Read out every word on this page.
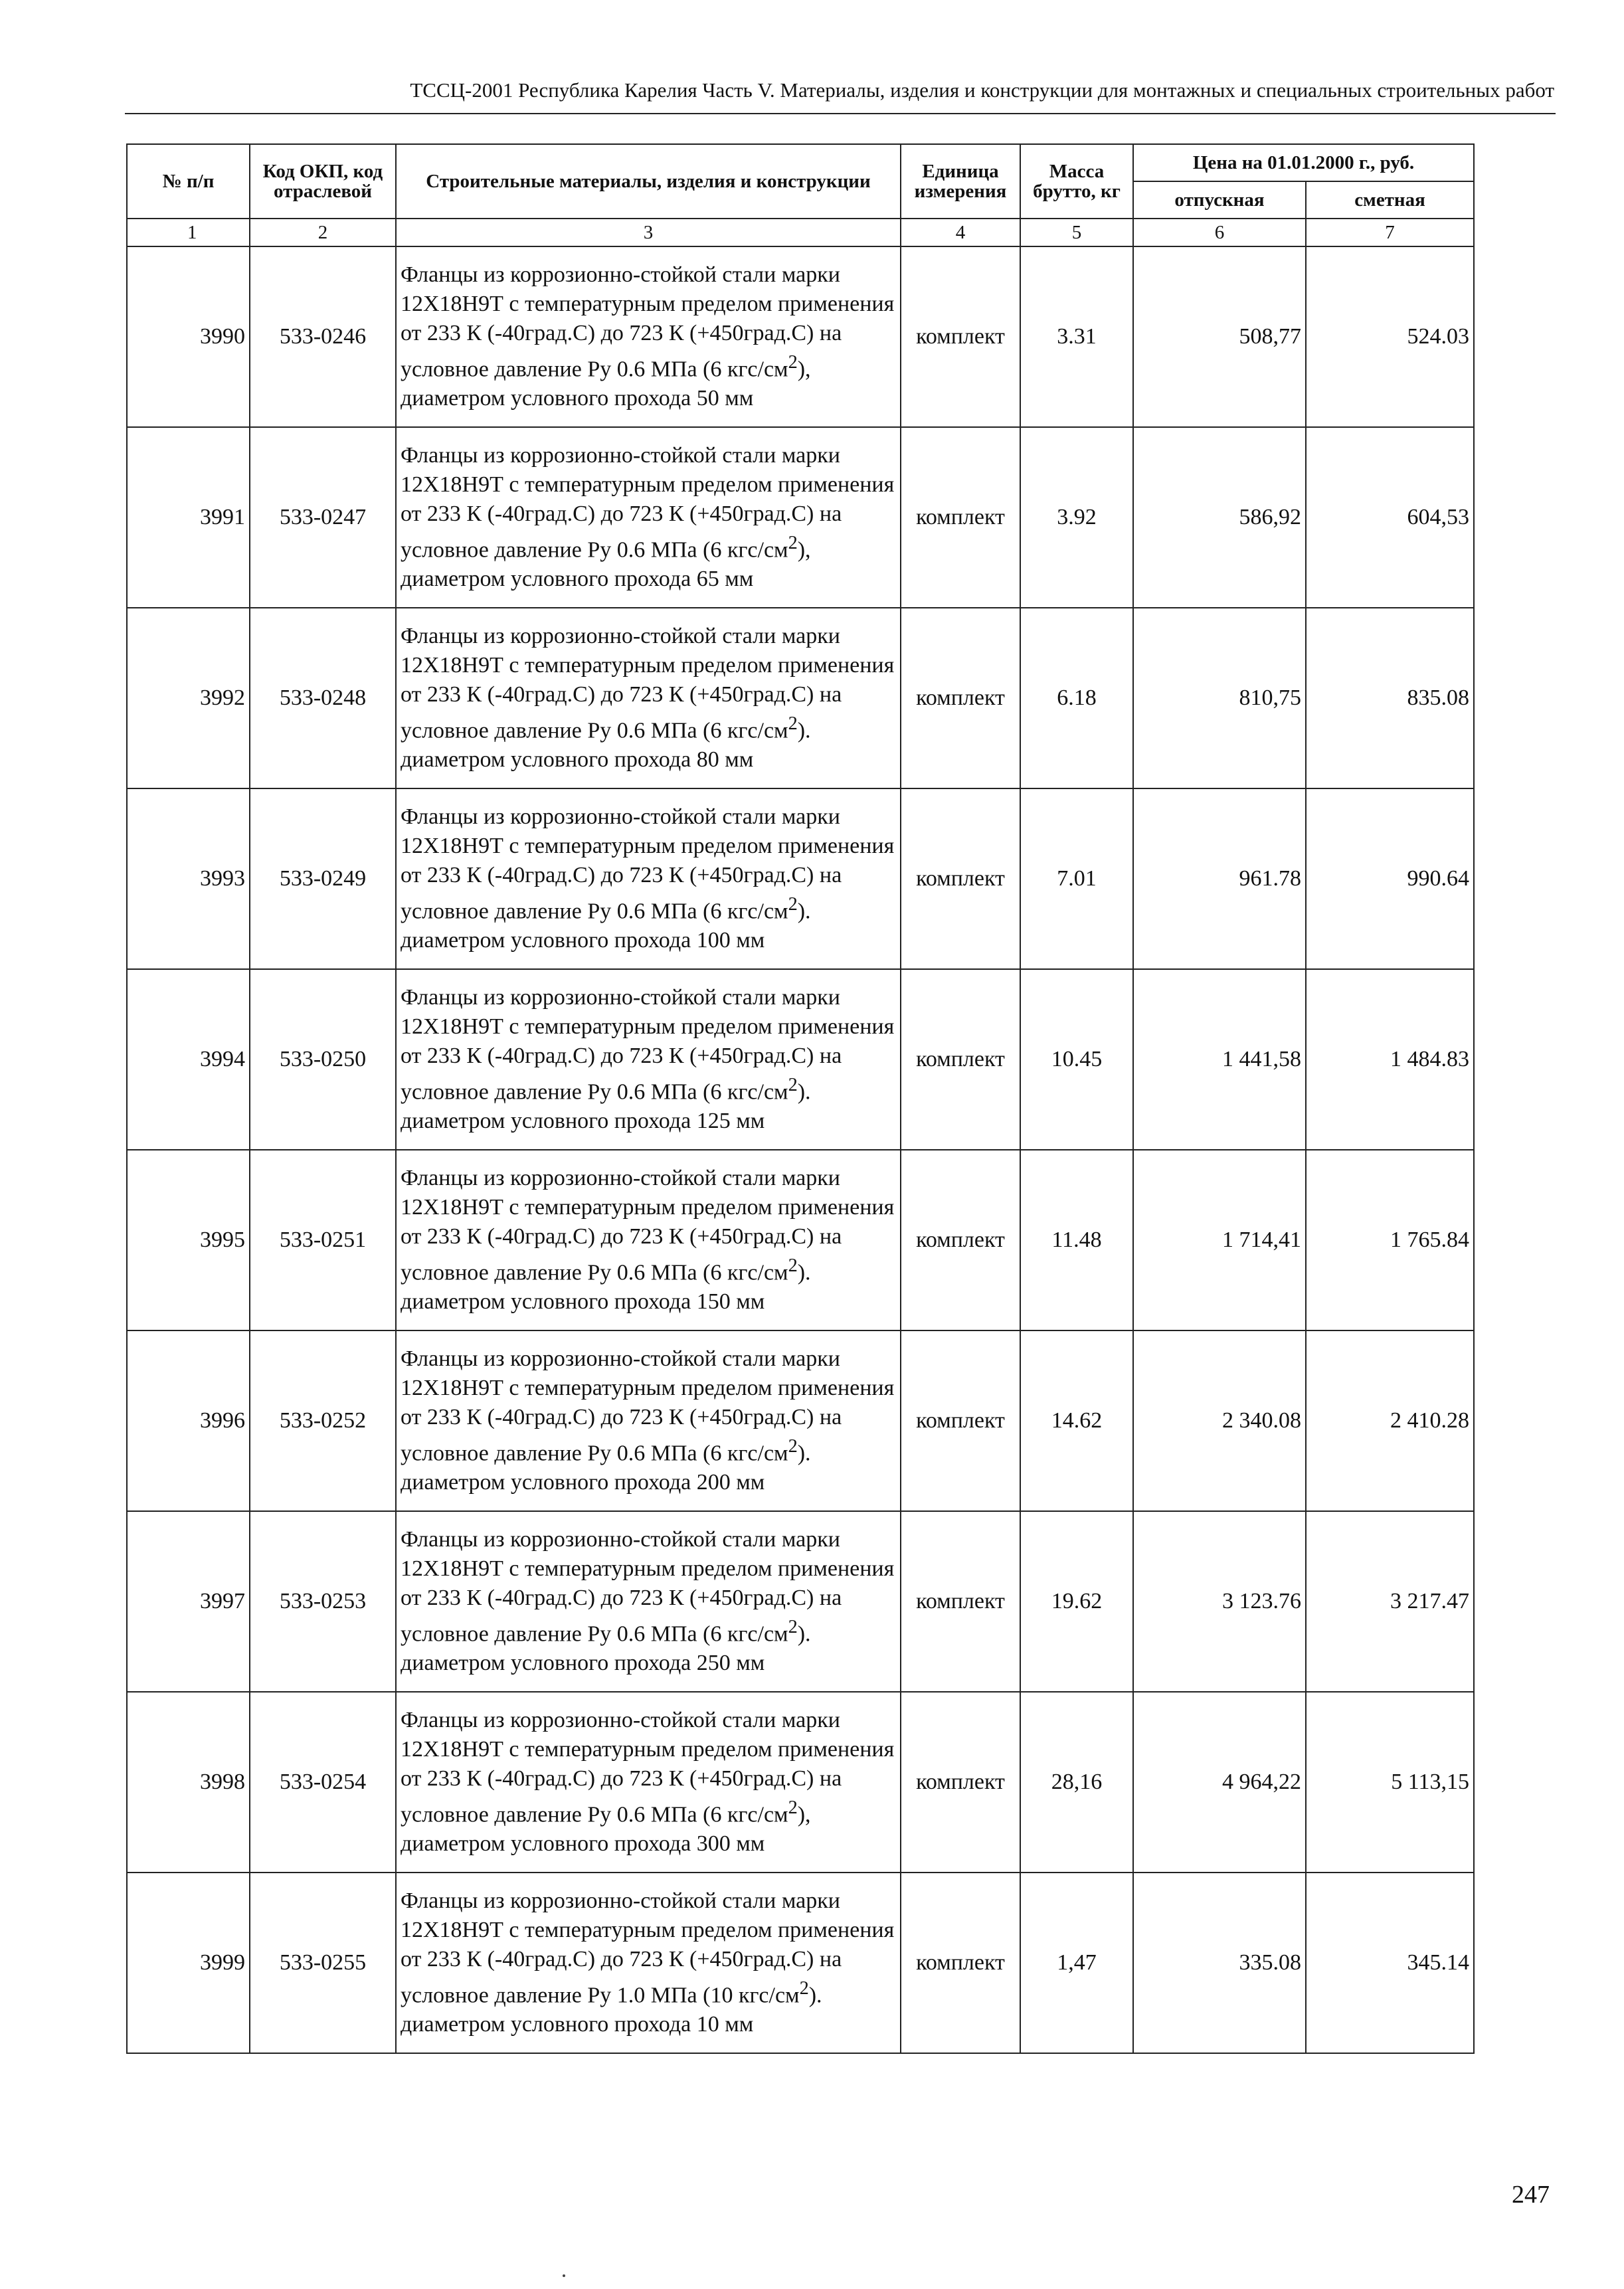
ТССЦ-2001 Республика Карелия Часть V. Материалы, изделия и конструкции для монтажных и специальных строительных работ
№ п/п	Код ОКП, код отраслевой	Строительные материалы, изделия и конструкции	Единица измерения	Масса брутто, кг	Цена на 01.01.2000 г., руб.	
					отпускная	сметная
1	2	3	4	5	6	7
3990	533-0246	Фланцы из коррозионно-стойкой стали марки 12Х18Н9Т с температурным пределом применения от 233 К (-40град.С) до 723 К (+450град.С) на условное давление Ру 0.6 МПа (6 кгс/$см^2$), диаметром условного прохода 50 мм	комплект	3.31	508,77	524.03
3991	533-0247	Фланцы из коррозионно-стойкой стали марки 12Х18Н9Т с температурным пределом применения от 233 К (-40град.С) до 723 К (+450град.С) на условное давление Ру 0.6 МПа (6 кгс/$см^2$), диаметром условного прохода 65 мм	комплект	3.92	586,92	604,53
3992	533-0248	Фланцы из коррозионно-стойкой стали марки 12Х18Н9Т с температурным пределом применения от 233 К (-40град.С) до 723 К (+450град.С) на условное давление Ру 0.6 МПа (6 кгс/$см^2$). диаметром условного прохода 80 мм	комплект	6.18	810,75	835.08
3993	533-0249	Фланцы из коррозионно-стойкой стали марки 12Х18Н9Т с температурным пределом применения от 233 К (-40град.С) до 723 К (+450град.С) на условное давление Ру 0.6 МПа (6 кгс/$см^2$). диаметром условного прохода 100 мм	комплект	7.01	961.78	990.64
3994	533-0250	Фланцы из коррозионно-стойкой стали марки 12Х18Н9Т с температурным пределом применения от 233 К (-40град.С) до 723 К (+450град.С) на условное давление Ру 0.6 МПа (6 кгс/$см^2$). диаметром условного прохода 125 мм	комплект	10.45	1 441,58	1 484.83
3995	533-0251	Фланцы из коррозионно-стойкой стали марки 12Х18Н9Т с температурным пределом применения от 233 К (-40град.С) до 723 К (+450град.С) на условное давление Ру 0.6 МПа (6 кгс/$см^2$). диаметром условного прохода 150 мм	комплект	11.48	1 714,41	1 765.84
3996	533-0252	Фланцы из коррозионно-стойкой стали марки 12Х18Н9Т с температурным пределом применения от 233 К (-40град.С) до 723 К (+450град.С) на условное давление Ру 0.6 МПа (6 кгс/$см^2$). диаметром условного прохода 200 мм	комплект	14.62	2 340.08	2 410.28
3997	533-0253	Фланцы из коррозионно-стойкой стали марки 12Х18Н9Т с температурным пределом применения от 233 К (-40град.С) до 723 К (+450град.С) на условное давление Ру 0.6 МПа (6 кгс/$см^2$). диаметром условного прохода 250 мм	комплект	19.62	3 123.76	3 217.47
3998	533-0254	Фланцы из коррозионно-стойкой стали марки 12Х18Н9Т с температурным пределом применения от 233 К (-40град.С) до 723 К (+450град.С) на условное давление Ру 0.6 МПа (6 кгс/$см^2$), диаметром условного прохода 300 мм	комплект	28,16	4 964,22	5 113,15
3999	533-0255	Фланцы из коррозионно-стойкой стали марки 12Х18Н9Т с температурным пределом применения от 233 К (-40град.С) до 723 К (+450град.С) на условное давление Ру 1.0 МПа (10 кгс/$см^2$). диаметром условного прохода 10 мм	комплект	1,47	335.08	345.14
247
